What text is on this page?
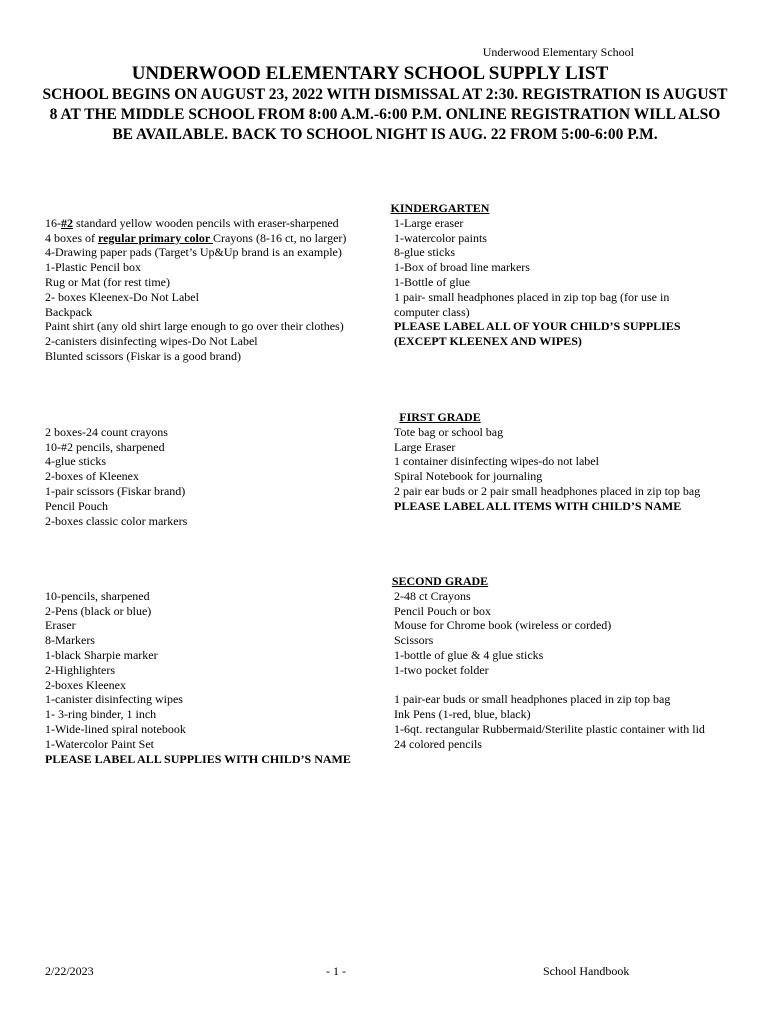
Underwood Elementary School
UNDERWOOD ELEMENTARY SCHOOL SUPPLY LIST
SCHOOL BEGINS ON AUGUST 23, 2022 WITH DISMISSAL AT 2:30. REGISTRATION IS AUGUST 8 AT THE MIDDLE SCHOOL FROM 8:00 A.M.-6:00 P.M. ONLINE REGISTRATION WILL ALSO BE AVAILABLE. BACK TO SCHOOL NIGHT IS AUG. 22 FROM 5:00-6:00 P.M.
KINDERGARTEN
16-#2 standard yellow wooden pencils with eraser-sharpened
4 boxes of regular primary color Crayons (8-16 ct, no larger)
4-Drawing paper pads (Target’s Up&Up brand is an example)
1-Plastic Pencil box
Rug or Mat (for rest time)
2- boxes Kleenex-Do Not Label
Backpack
Paint shirt (any old shirt large enough to go over their clothes)
2-canisters disinfecting wipes-Do Not Label
Blunted scissors (Fiskar is a good brand)
1-Large eraser
1-watercolor paints
8-glue sticks
1-Box of broad line markers
1-Bottle of glue
1 pair- small headphones placed in zip top bag (for use in
computer class)
PLEASE LABEL ALL OF YOUR CHILD’S SUPPLIES
(EXCEPT KLEENEX AND WIPES)
FIRST GRADE
2 boxes-24 count crayons
10-#2 pencils, sharpened
4-glue sticks
2-boxes of Kleenex
1-pair scissors (Fiskar brand)
Pencil Pouch
2-boxes classic color markers
Tote bag or school bag
Large Eraser
1 container disinfecting wipes-do not label
Spiral Notebook for journaling
2 pair ear buds or 2 pair small headphones placed in zip top bag
PLEASE LABEL ALL ITEMS WITH CHILD’S NAME
SECOND GRADE
10-pencils, sharpened
2-Pens (black or blue)
Eraser
8-Markers
1-black Sharpie marker
2-Highlighters
2-boxes Kleenex
1-canister disinfecting wipes
1- 3-ring binder, 1 inch
1-Wide-lined spiral notebook
1-Watercolor Paint Set
PLEASE LABEL ALL SUPPLIES WITH CHILD’S NAME
2-48 ct Crayons
Pencil Pouch or box
Mouse for Chrome book (wireless or corded)
Scissors
1-bottle of glue & 4 glue sticks
1-two pocket folder

1 pair-ear buds or small headphones placed in zip top bag
Ink Pens (1-red, blue, black)
1-6qt. rectangular Rubbermaid/Sterilite plastic container with lid
24 colored pencils
2/22/2023	- 1 -	School Handbook
